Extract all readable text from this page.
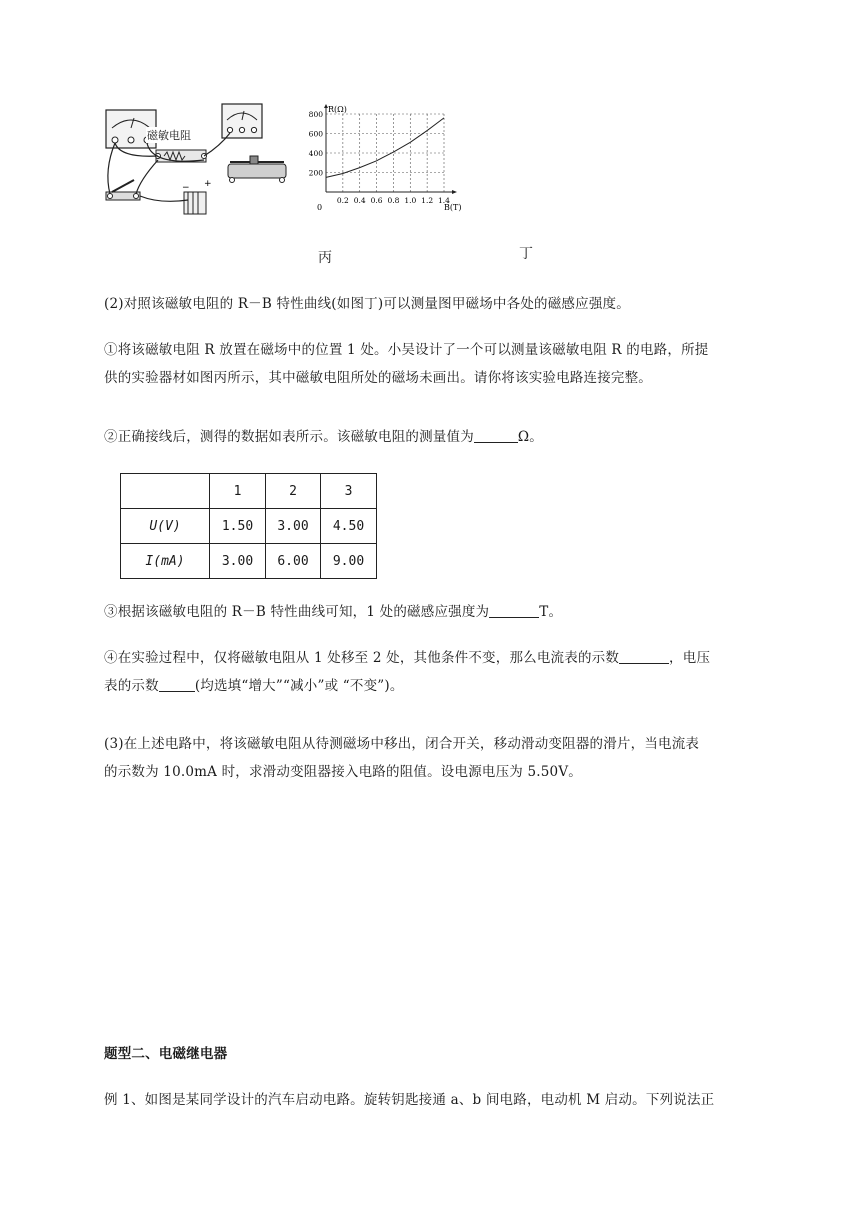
− +
磁敏电阻
0.2 0.4 0.6 0.8 1.0 1.2 1.4
200
400
600
800
R(Ω)
B(T)
0
丙	丁
(2)对照该磁敏电阻的 R－B 特性曲线(如图丁)可以测量图甲磁场中各处的磁感应强度。
①将该磁敏电阻 R 放置在磁场中的位置 1 处。小吴设计了一个可以测量该磁敏电阻 R 的电路，所提
供的实验器材如图丙所示，其中磁敏电阻所处的磁场未画出。请你将该实验电路连接完整。
②正确接线后，测得的数据如表所示。该磁敏电阻的测量值为	Ω。
	1	2	3
U(V)	1.50	3.00	4.50
I(mA)	3.00	6.00	9.00
③根据该磁敏电阻的 R－B 特性曲线可知，1 处的磁感应强度为	T。
④在实验过程中，仅将磁敏电阻从 1 处移至 2 处，其他条件不变，那么电流表的示数	，电压
表的示数	(均选填“增大”“减小”或 “不变”)。
(3)在上述电路中，将该磁敏电阻从待测磁场中移出，闭合开关，移动滑动变阻器的滑片，当电流表
的示数为 10.0mA 时，求滑动变阻器接入电路的阻值。设电源电压为 5.50V。
题型二、电磁继电器
例 1、如图是某同学设计的汽车启动电路。旋转钥匙接通 a、b 间电路，电动机 M 启动。下列说法正
